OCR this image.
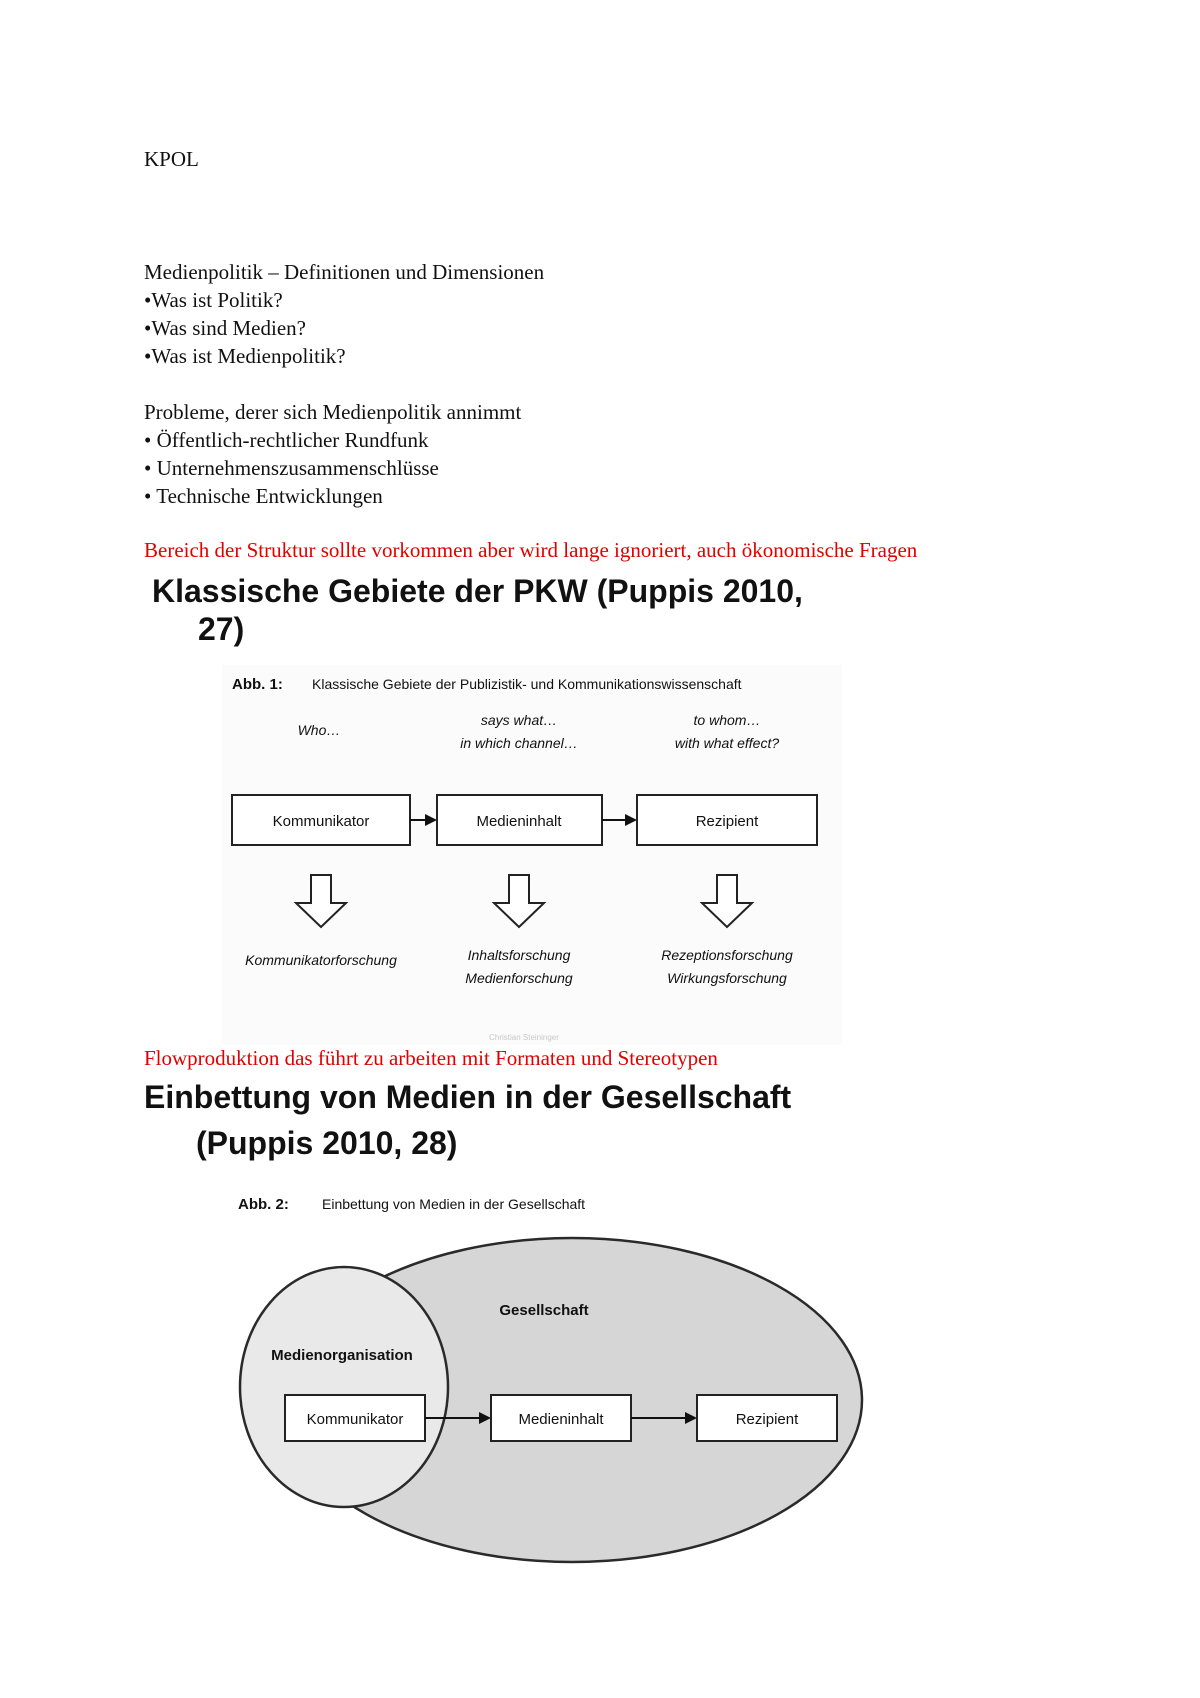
KPOL
Medienpolitik – Definitionen und Dimensionen
•Was ist Politik?
•Was sind Medien?
•Was ist Medienpolitik?
Probleme, derer sich Medienpolitik annimmt
• Öffentlich-rechtlicher Rundfunk
• Unternehmenszusammenschlüsse
• Technische Entwicklungen
Bereich der Struktur sollte vorkommen aber wird lange ignoriert, auch ökonomische Fragen
Klassische Gebiete der PKW (Puppis 2010,
27)
Abb. 1: Klassische Gebiete der Publizistik- und Kommunikationswissenschaft
Who…
says what…
in which channel…
to whom…
with what effect?
Kommunikator	Medieninhalt	Rezipient
Kommunikatorforschung	Inhaltsforschung
Medienforschung
Rezeptionsforschung
Wirkungsforschung
Christian Steininger
Flowproduktion das führt zu arbeiten mit Formaten und Stereotypen
Einbettung von Medien in der Gesellschaft
(Puppis 2010, 28)
Abb. 2: Einbettung von Medien in der Gesellschaft
Gesellschaft
Medienorganisation
Kommunikator	Medieninhalt	Rezipient
